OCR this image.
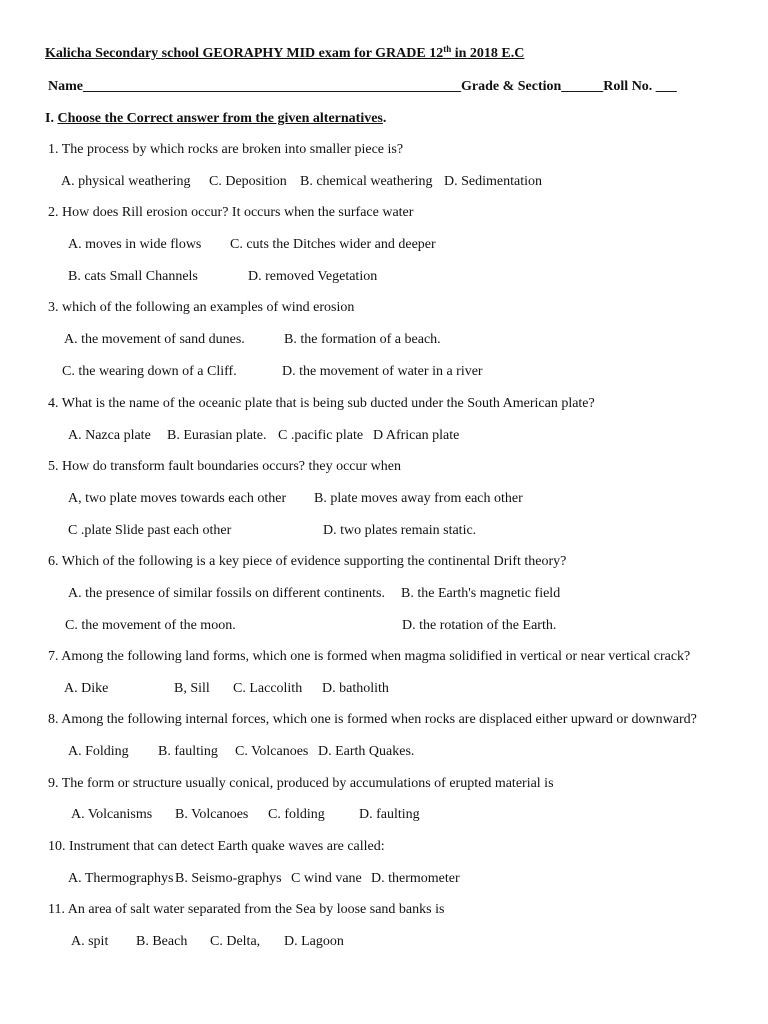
Kalicha Secondary school GEORAPHY MID exam for GRADE 12th in 2018 E.C
Name______________________________________________________Grade & Section______Roll No. ___
I. Choose the Correct answer from the given alternatives.
1. The process by which rocks are broken into smaller piece is?
A. physical weathering C. Deposition B. chemical weathering D. Sedimentation
2. How does Rill erosion occur? It occurs when the surface water
A. moves in wide flows C. cuts the Ditches wider and deeper
B. cats Small Channels	D. removed Vegetation
3. which of the following an examples of wind erosion
A. the movement of sand dunes.	B. the formation of a beach.
C. the wearing down of a Cliff.	D. the movement of water in a river
4. What is the name of the oceanic plate that is being sub ducted under the South American plate?
A. Nazca plate B. Eurasian plate. C .pacific plate D African plate
5. How do transform fault boundaries occurs? they occur when
A, two plate moves towards each other B. plate moves away from each other
C .plate Slide past each other	D. two plates remain static.
6. Which of the following is a key piece of evidence supporting the continental Drift theory?
A. the presence of similar fossils on different continents. B. the Earth's magnetic field
C. the movement of the moon.	D. the rotation of the Earth.
7. Among the following land forms, which one is formed when magma solidified in vertical or near vertical crack?
A. Dike	B, Sill C. Laccolith D. batholith
8. Among the following internal forces, which one is formed when rocks are displaced either upward or downward?
A. Folding B. faulting C. Volcanoes D. Earth Quakes.
9. The form or structure usually conical, produced by accumulations of erupted material is
A. Volcanisms B. Volcanoes C. folding D. faulting
10. Instrument that can detect Earth quake waves are called:
A. Thermographys B. Seismo-graphys C wind vane D. thermometer
11. An area of salt water separated from the Sea by loose sand banks is
A. spit B. Beach C. Delta, D. Lagoon
